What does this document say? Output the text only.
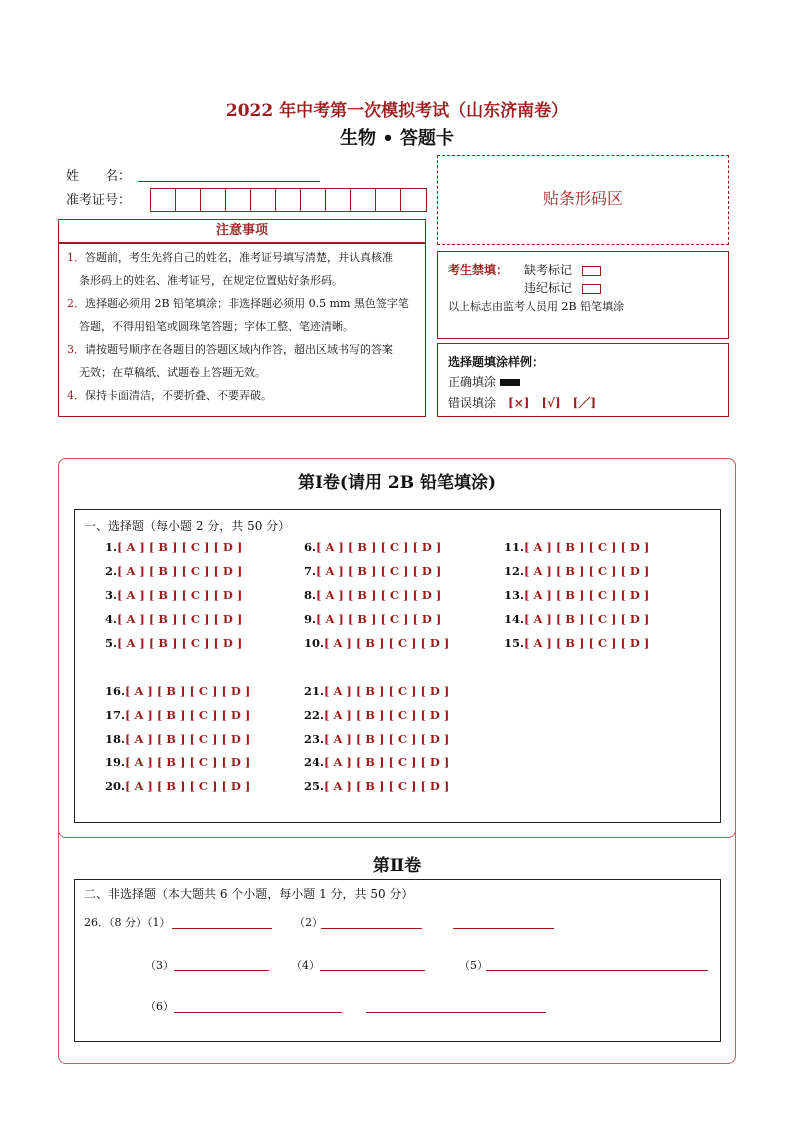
2022 年中考第一次模拟考试（山东济南卷）
生物 • 答题卡
姓　　名：
准考证号：	贴条形码区
注意事项
1．答题前，考生先将自己的姓名，准考证号填写清楚，并认真核准
条形码上的姓名、准考证号，在规定位置贴好条形码。
2．选择题必须用 2B 铅笔填涂；非选择题必须用 0.5 mm 黑色签字笔
答题，不得用铅笔或圆珠笔答题；字体工整、笔迹清晰。
3．请按题号顺序在各题目的答题区域内作答，超出区域书写的答案
无效；在草稿纸、试题卷上答题无效。
4．保持卡面清洁，不要折叠、不要弄破。
考生禁填： 缺考标记
违纪标记
以上标志由监考人员用 2B 铅笔填涂
选择题填涂样例：
正确填涂
错误填涂　 [×]　[√]　[／]
第Ⅰ卷(请用 2B 铅笔填涂)
一、选择题（每小题 2 分，共 50 分）
1.[ A ] [ B ] [ C ] [ D ]
2.[ A ] [ B ] [ C ] [ D ]
3.[ A ] [ B ] [ C ] [ D ]
4.[ A ] [ B ] [ C ] [ D ]
5.[ A ] [ B ] [ C ] [ D ]
6.[ A ] [ B ] [ C ] [ D ]
7.[ A ] [ B ] [ C ] [ D ]
8.[ A ] [ B ] [ C ] [ D ]
9.[ A ] [ B ] [ C ] [ D ]
10.[ A ] [ B ] [ C ] [ D ]
11.[ A ] [ B ] [ C ] [ D ]
12.[ A ] [ B ] [ C ] [ D ]
13.[ A ] [ B ] [ C ] [ D ]
14.[ A ] [ B ] [ C ] [ D ]
15.[ A ] [ B ] [ C ] [ D ]
16.[ A ] [ B ] [ C ] [ D ]
17.[ A ] [ B ] [ C ] [ D ]
18.[ A ] [ B ] [ C ] [ D ]
19.[ A ] [ B ] [ C ] [ D ]
20.[ A ] [ B ] [ C ] [ D ]
21.[ A ] [ B ] [ C ] [ D ]
22.[ A ] [ B ] [ C ] [ D ]
23.[ A ] [ B ] [ C ] [ D ]
24.[ A ] [ B ] [ C ] [ D ]
25.[ A ] [ B ] [ C ] [ D ]
第Ⅱ卷
二、非选择题（本大题共 6 个小题，每小题 1 分，共 50 分）
26．（8 分）（1）	（2）
（3）	（4）	（5）
（6）
